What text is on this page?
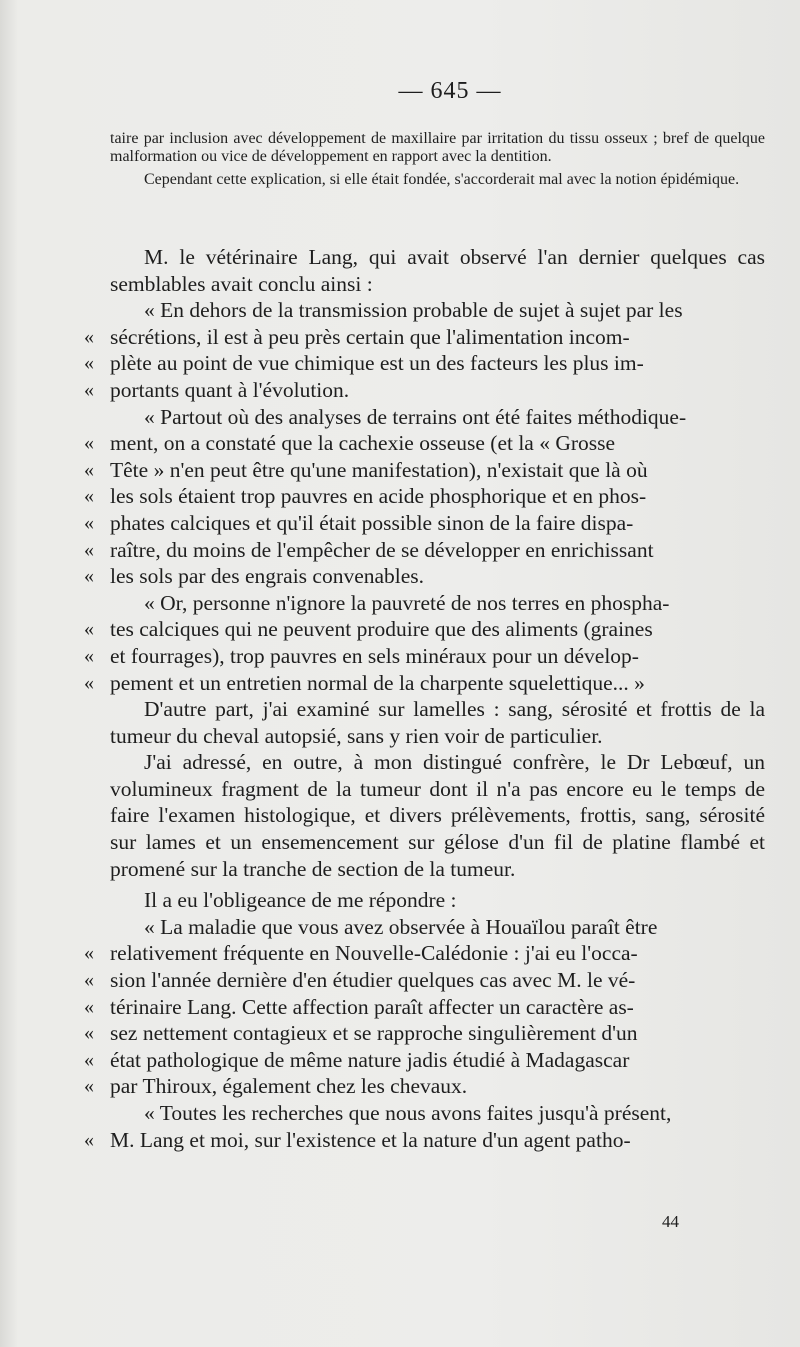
— 645 —

taire par inclusion avec développement de maxillaire par irritation du tissu osseux ; bref de quelque malformation ou vice de développement en rapport avec la dentition.

Cependant cette explication, si elle était fondée, s'accorderait mal avec la notion épidémique.

M. le vétérinaire Lang, qui avait observé l'an dernier quelques cas semblables avait conclu ainsi :

« En dehors de la transmission probable de sujet à sujet par les
« sécrétions, il est à peu près certain que l'alimentation incom-
« plète au point de vue chimique est un des facteurs les plus im-
« portants quant à l'évolution.
« Partout où des analyses de terrains ont été faites méthodique-
« ment, on a constaté que la cachexie osseuse (et la « Grosse
« Tête » n'en peut être qu'une manifestation), n'existait que là où
« les sols étaient trop pauvres en acide phosphorique et en phos-
« phates calciques et qu'il était possible sinon de la faire dispa-
« raître, du moins de l'empêcher de se développer en enrichissant
« les sols par des engrais convenables.
« Or, personne n'ignore la pauvreté de nos terres en phospha-
« tes calciques qui ne peuvent produire que des aliments (graines
« et fourrages), trop pauvres en sels minéraux pour un dévelop-
« pement et un entretien normal de la charpente squelettique... »

D'autre part, j'ai examiné sur lamelles : sang, sérosité et frottis de la tumeur du cheval autopsié, sans y rien voir de particulier.

J'ai adressé, en outre, à mon distingué confrère, le Dr Lebœuf, un volumineux fragment de la tumeur dont il n'a pas encore eu le temps de faire l'examen histologique, et divers prélèvements, frottis, sang, sérosité sur lames et un ensemencement sur gélose d'un fil de platine flambé et promené sur la tranche de section de la tumeur.

Il a eu l'obligeance de me répondre :

« La maladie que vous avez observée à Houaïlou paraît être
« relativement fréquente en Nouvelle-Calédonie : j'ai eu l'occa-
« sion l'année dernière d'en étudier quelques cas avec M. le vé-
« térinaire Lang. Cette affection paraît affecter un caractère as-
« sez nettement contagieux et se rapproche singulièrement d'un
« état pathologique de même nature jadis étudié à Madagascar
« par Thiroux, également chez les chevaux.
« Toutes les recherches que nous avons faites jusqu'à présent,
« M. Lang et moi, sur l'existence et la nature d'un agent patho-
44
